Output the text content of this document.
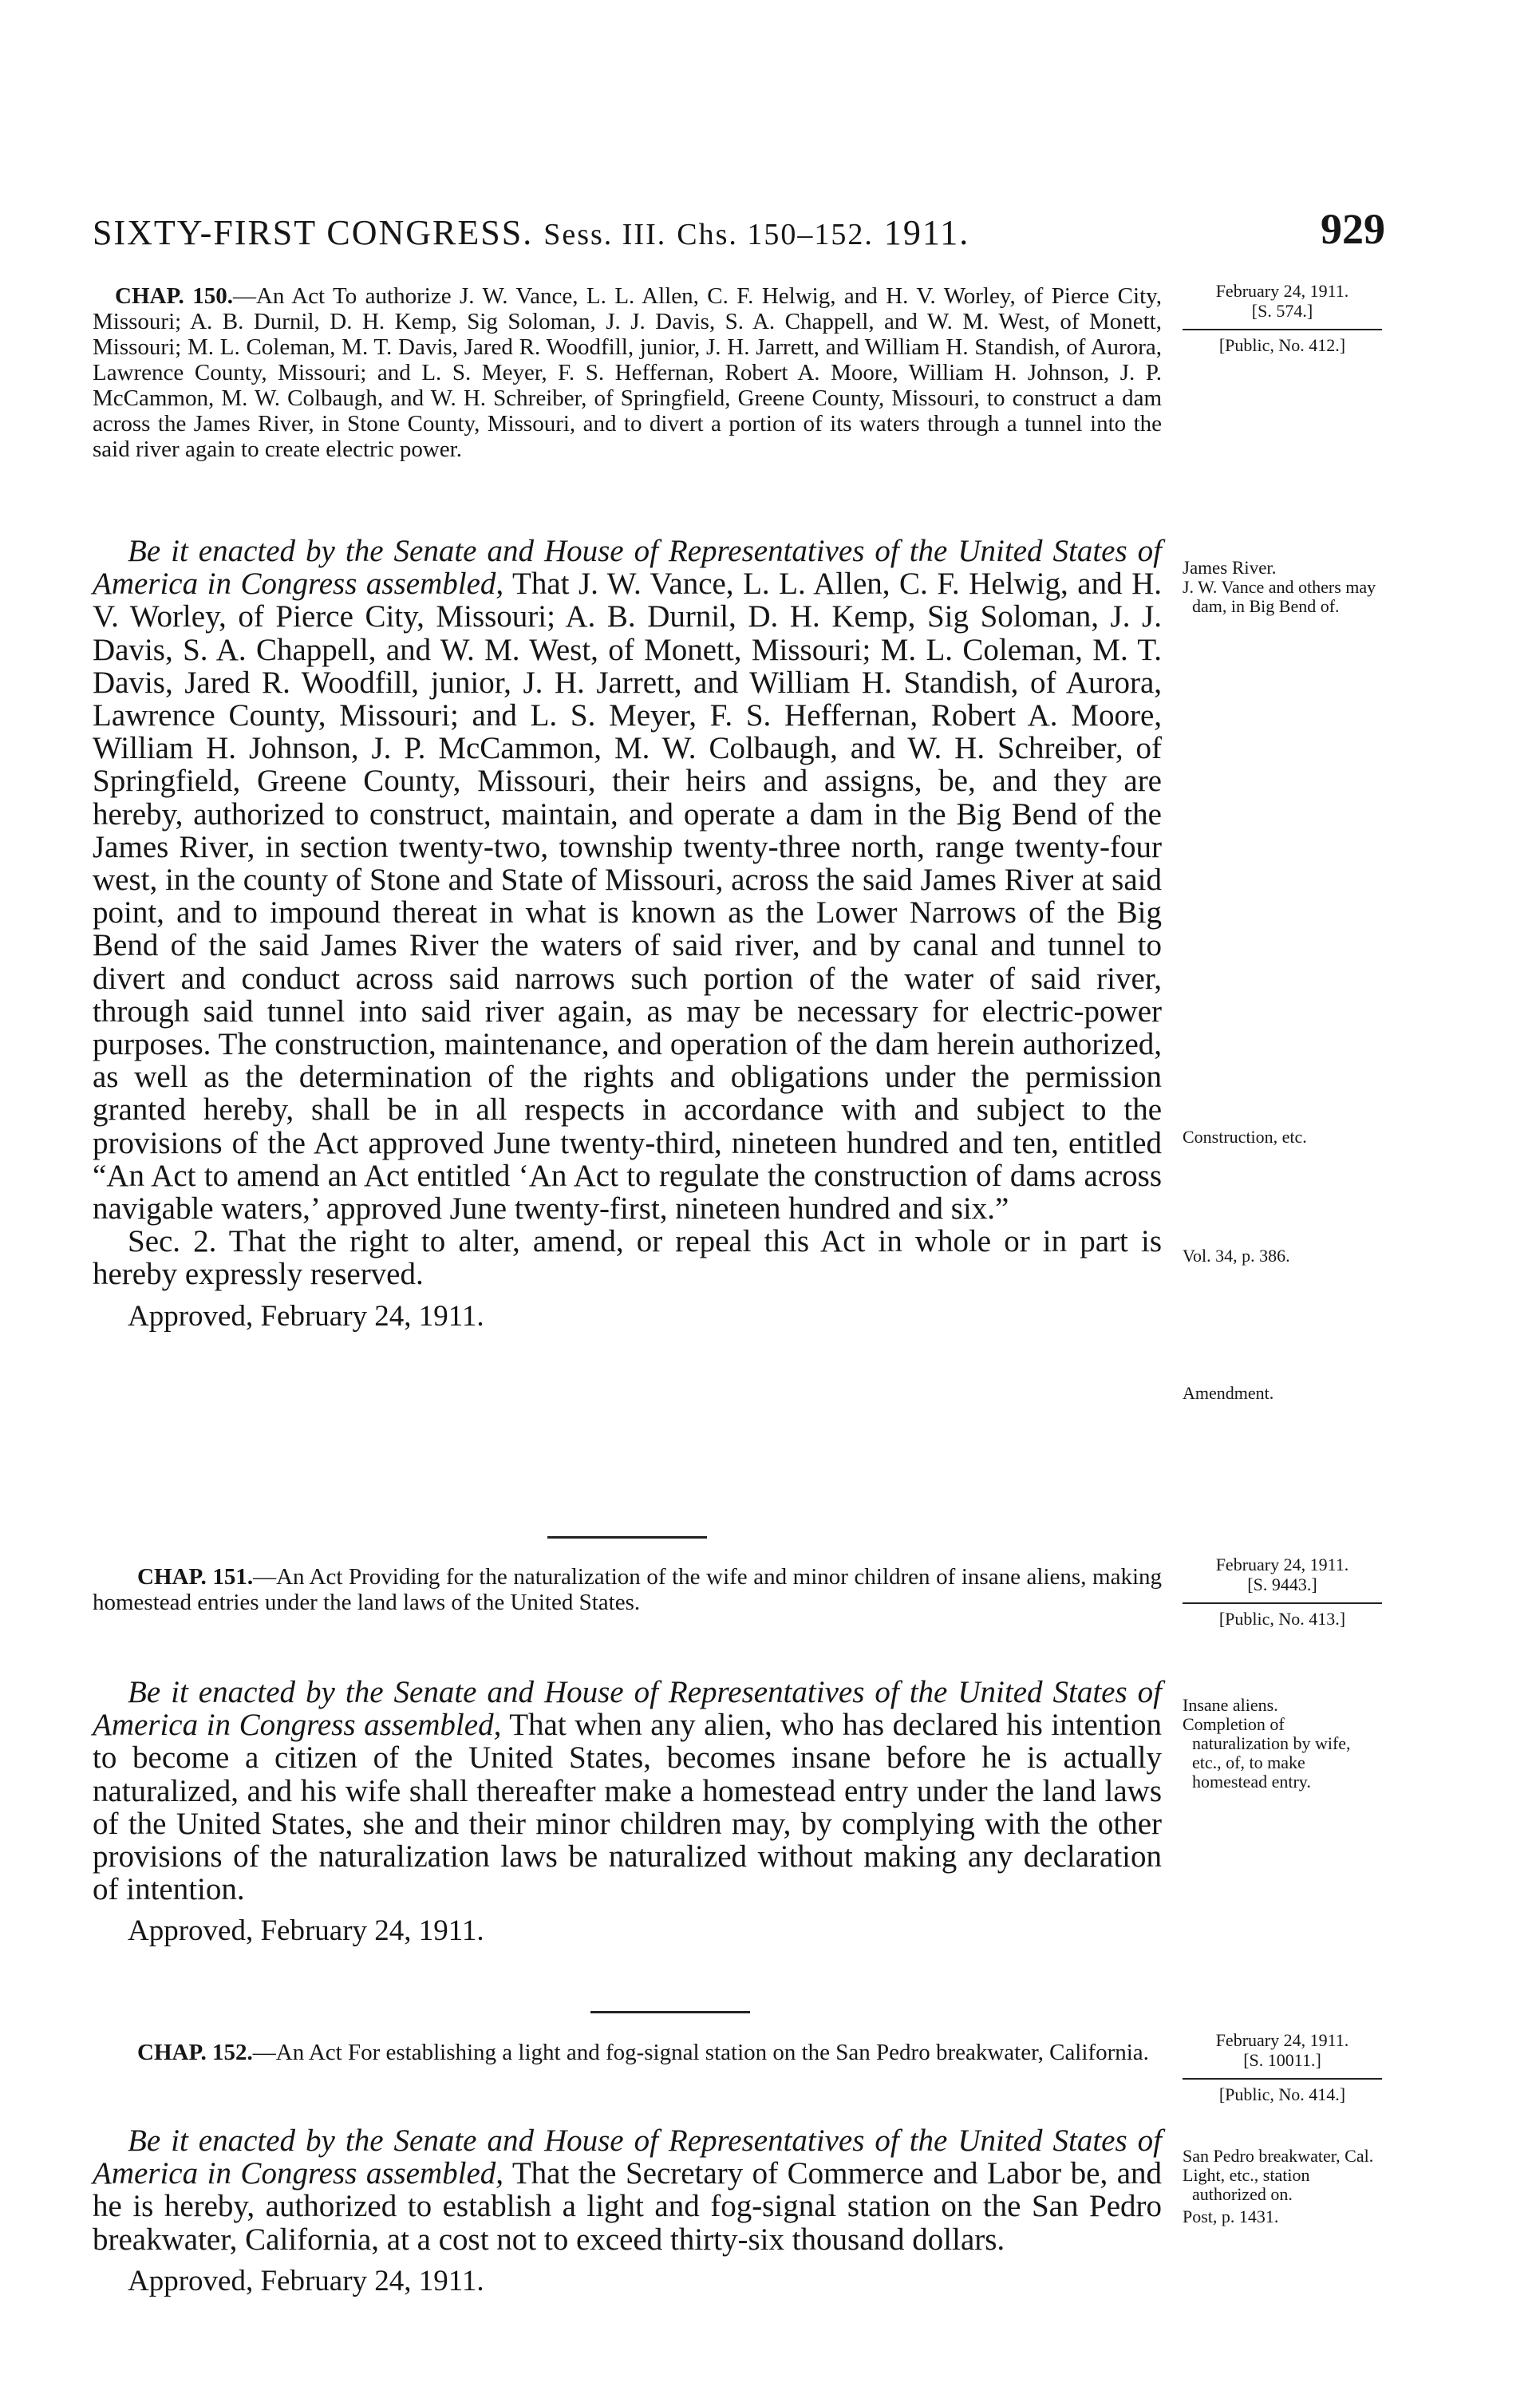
SIXTY-FIRST CONGRESS. Sess. III. Chs. 150–152. 1911.	929

CHAP. 150.—An Act To authorize J. W. Vance, L. L. Allen, C. F. Helwig, and H. V. Worley, of Pierce City, Missouri; A. B. Durnil, D. H. Kemp, Sig Soloman, J. J. Davis, S. A. Chappell, and W. M. West, of Monett, Missouri; M. L. Coleman, M. T. Davis, Jared R. Woodfill, junior, J. H. Jarrett, and William H. Standish, of Aurora, Lawrence County, Missouri; and L. S. Meyer, F. S. Heffernan, Robert A. Moore, William H. Johnson, J. P. McCammon, M. W. Colbaugh, and W. H. Schreiber, of Springfield, Greene County, Missouri, to construct a dam across the James River, in Stone County, Missouri, and to divert a portion of its waters through a tunnel into the said river again to create electric power.

February 24, 1911.
[S. 574.]
[Public, No. 412.]

Be it enacted by the Senate and House of Representatives of the United States of America in Congress assembled, That J. W. Vance, L. L. Allen, C. F. Helwig, and H. V. Worley, of Pierce City, Missouri; A. B. Durnil, D. H. Kemp, Sig Soloman, J. J. Davis, S. A. Chappell, and W. M. West, of Monett, Missouri; M. L. Coleman, M. T. Davis, Jared R. Woodfill, junior, J. H. Jarrett, and William H. Standish, of Aurora, Lawrence County, Missouri; and L. S. Meyer, F. S. Heffernan, Robert A. Moore, William H. Johnson, J. P. McCammon, M. W. Colbaugh, and W. H. Schreiber, of Springfield, Greene County, Missouri, their heirs and assigns, be, and they are hereby, authorized to construct, maintain, and operate a dam in the Big Bend of the James River, in section twenty-two, township twenty-three north, range twenty-four west, in the county of Stone and State of Missouri, across the said James River at said point, and to impound thereat in what is known as the Lower Narrows of the Big Bend of the said James River the waters of said river, and by canal and tunnel to divert and conduct across said narrows such portion of the water of said river, through said tunnel into said river again, as may be necessary for electric-power purposes. The construction, maintenance, and operation of the dam herein authorized, as well as the determination of the rights and obligations under the permission granted hereby, shall be in all respects in accordance with and subject to the provisions of the Act approved June twenty-third, nineteen hundred and ten, entitled “An Act to amend an Act entitled ‘An Act to regulate the construction of dams across navigable waters,’ approved June twenty-first, nineteen hundred and six.”

Sec. 2. That the right to alter, amend, or repeal this Act in whole or in part is hereby expressly reserved.

Approved, February 24, 1911.

James River.
J. W. Vance and others may dam, in Big Bend of.
Construction, etc.
Vol. 34, p. 386.
Amendment.

CHAP. 151.—An Act Providing for the naturalization of the wife and minor children of insane aliens, making homestead entries under the land laws of the United States.

February 24, 1911.
[S. 9443.]
[Public, No. 413.]

Be it enacted by the Senate and House of Representatives of the United States of America in Congress assembled, That when any alien, who has declared his intention to become a citizen of the United States, becomes insane before he is actually naturalized, and his wife shall thereafter make a homestead entry under the land laws of the United States, she and their minor children may, by complying with the other provisions of the naturalization laws be naturalized without making any declaration of intention.

Approved, February 24, 1911.

Insane aliens.
Completion of naturalization by wife, etc., of, to make homestead entry.

CHAP. 152.—An Act For establishing a light and fog-signal station on the San Pedro breakwater, California.	February 24, 1911.
[S. 10011.]
[Public, No. 414.]

Be it enacted by the Senate and House of Representatives of the United States of America in Congress assembled, That the Secretary of Commerce and Labor be, and he is hereby, authorized to establish a light and fog-signal station on the San Pedro breakwater, California, at a cost not to exceed thirty-six thousand dollars.

Approved, February 24, 1911.

San Pedro breakwater, Cal.
Light, etc., station authorized on.
Post, p. 1431.
